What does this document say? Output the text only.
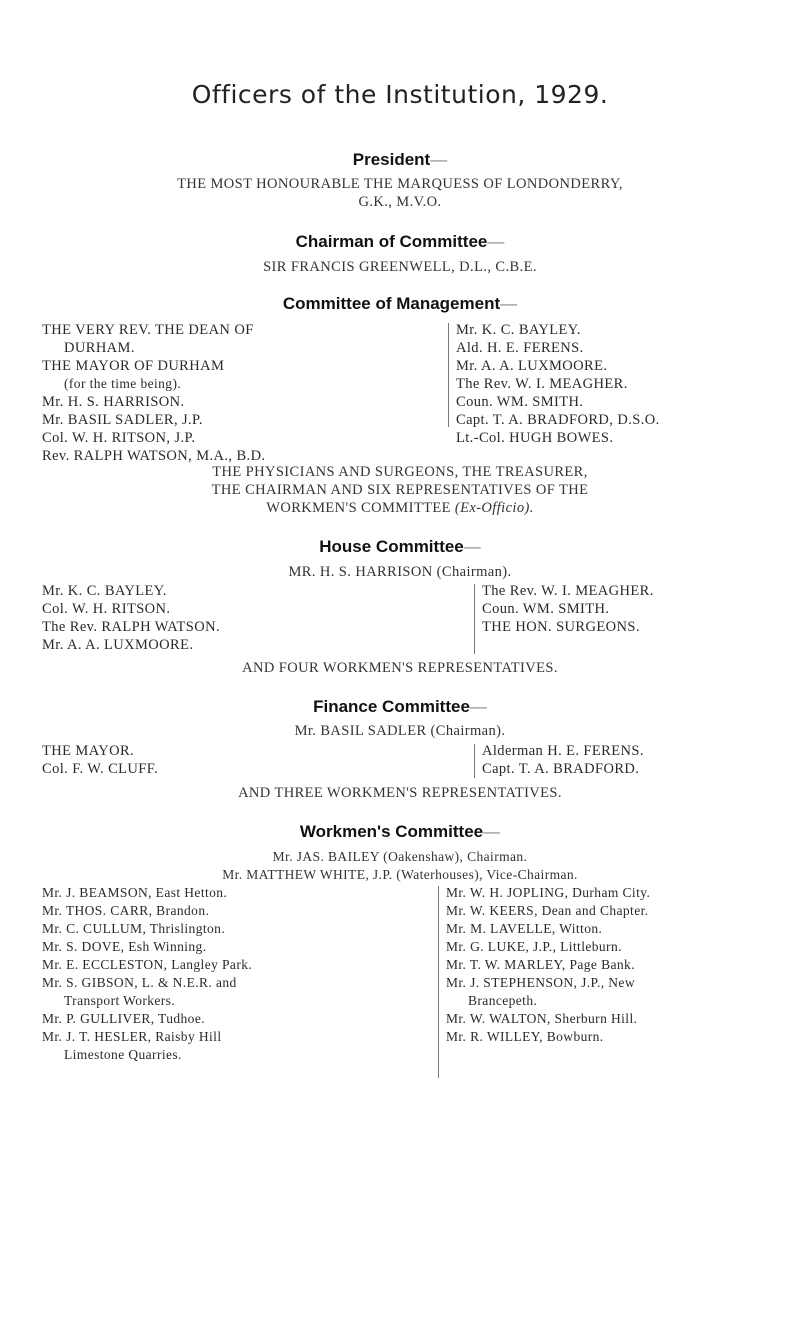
Officers of the Institution, 1929.
President—
THE MOST HONOURABLE THE MARQUESS OF LONDONDERRY,
G.K., M.V.O.
Chairman of Committee—
SIR FRANCIS GREENWELL, D.L., C.B.E.
Committee of Management—
THE VERY REV. THE DEAN OF
DURHAM.
THE MAYOR OF DURHAM
(for the time being).
Mr. H. S. HARRISON.
Mr. BASIL SADLER, J.P.
Col. W. H. RITSON, J.P.
Rev. RALPH WATSON, M.A., B.D.
Mr. K. C. BAYLEY.
Ald. H. E. FERENS.
Mr. A. A. LUXMOORE.
The Rev. W. I. MEAGHER.
Coun. WM. SMITH.
Capt. T. A. BRADFORD, D.S.O.
Lt.-Col. HUGH BOWES.
THE PHYSICIANS AND SURGEONS, THE TREASURER,
THE CHAIRMAN AND SIX REPRESENTATIVES OF THE
WORKMEN'S COMMITTEE (Ex-Officio).
House Committee—
MR. H. S. HARRISON (Chairman).
Mr. K. C. BAYLEY.
Col. W. H. RITSON.
The Rev. RALPH WATSON.
Mr. A. A. LUXMOORE.
The Rev. W. I. MEAGHER.
Coun. WM. SMITH.
THE HON. SURGEONS.
AND FOUR WORKMEN'S REPRESENTATIVES.
Finance Committee—
Mr. BASIL SADLER (Chairman).
THE MAYOR.
Col. F. W. CLUFF.
Alderman H. E. FERENS.
Capt. T. A. BRADFORD.
AND THREE WORKMEN'S REPRESENTATIVES.
Workmen's Committee—
Mr. JAS. BAILEY (Oakenshaw), Chairman.
Mr. MATTHEW WHITE, J.P. (Waterhouses), Vice-Chairman.
Mr. J. BEAMSON, East Hetton.
Mr. THOS. CARR, Brandon.
Mr. C. CULLUM, Thrislington.
Mr. S. DOVE, Esh Winning.
Mr. E. ECCLESTON, Langley Park.
Mr. S. GIBSON, L. & N.E.R. and
Transport Workers.
Mr. P. GULLIVER, Tudhoe.
Mr. J. T. HESLER, Raisby Hill
Limestone Quarries.
Mr. W. H. JOPLING, Durham City.
Mr. W. KEERS, Dean and Chapter.
Mr. M. LAVELLE, Witton.
Mr. G. LUKE, J.P., Littleburn.
Mr. T. W. MARLEY, Page Bank.
Mr. J. STEPHENSON, J.P., New
Brancepeth.
Mr. W. WALTON, Sherburn Hill.
Mr. R. WILLEY, Bowburn.
